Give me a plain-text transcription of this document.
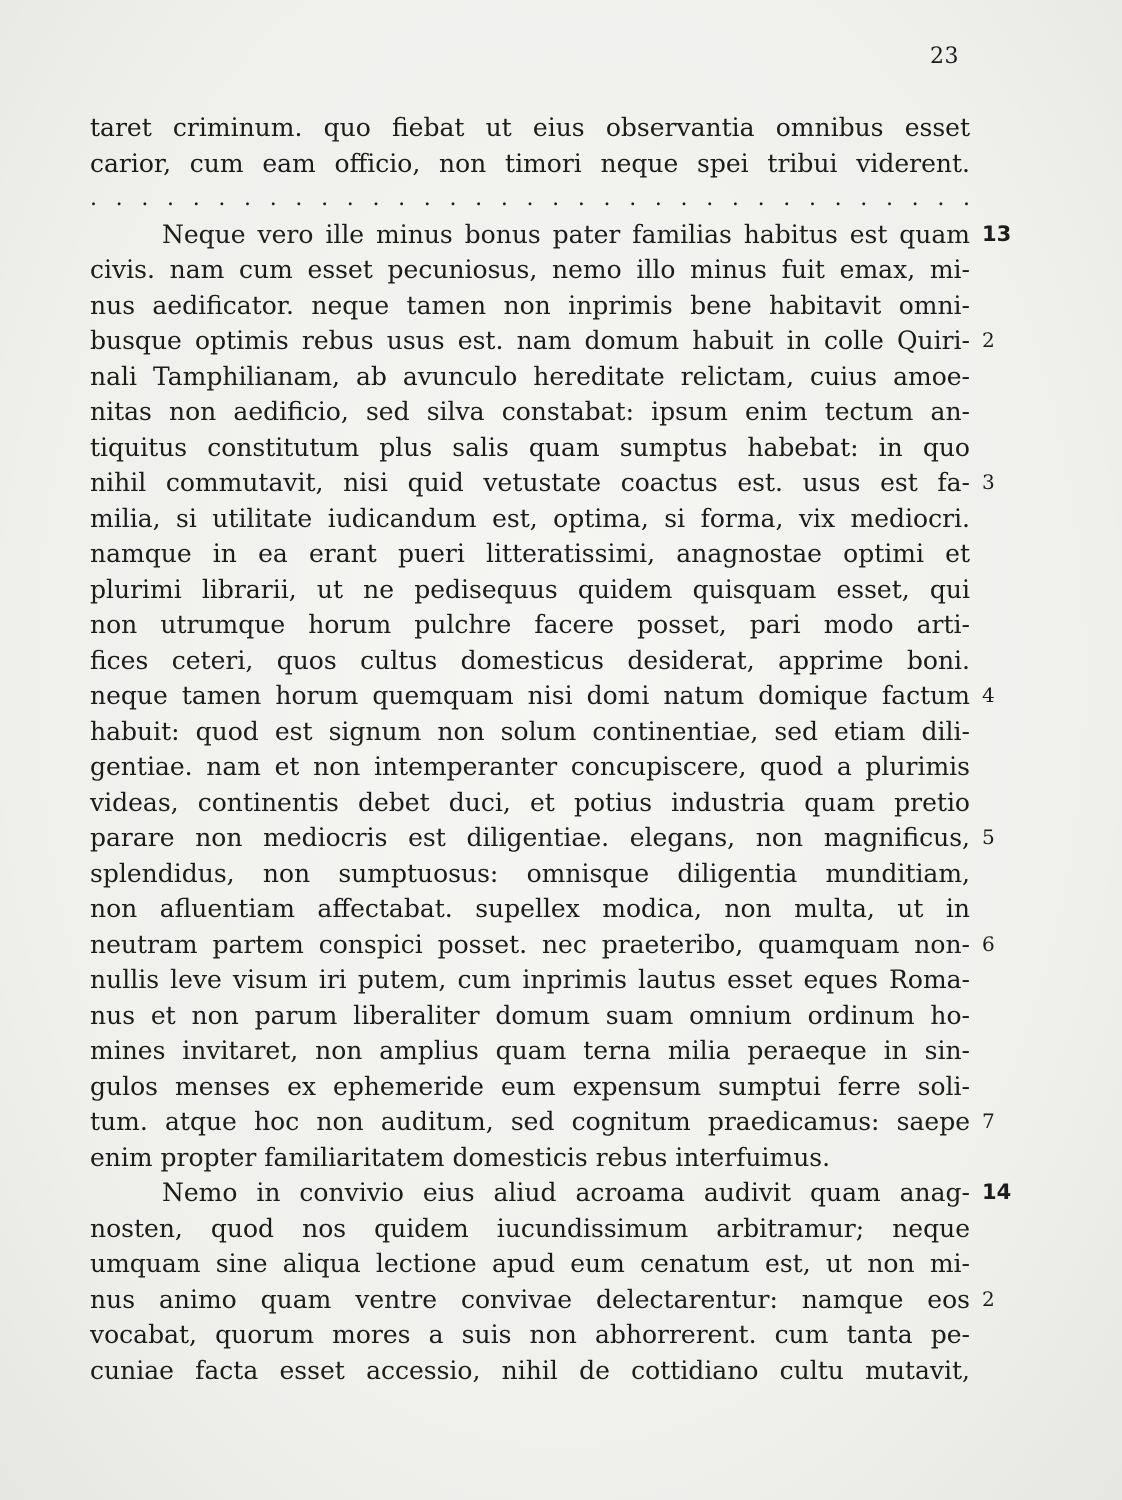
23
taret criminum. quo fiebat ut eius observantia omnibus esset
carior, cum eam officio, non timori neque spei tribui viderent.
. . . . . . . . . . . . . . . . . . . . . . . . . . . . . . . . . . .
Neque vero ille minus bonus pater familias habitus est quam 13
civis. nam cum esset pecuniosus, nemo illo minus fuit emax, mi-
nus aedificator. neque tamen non inprimis bene habitavit omni-
busque optimis rebus usus est. nam domum habuit in colle Quiri- 2
nali Tamphilianam, ab avunculo hereditate relictam, cuius amoe-
nitas non aedificio, sed silva constabat: ipsum enim tectum an-
tiquitus constitutum plus salis quam sumptus habebat: in quo
nihil commutavit, nisi quid vetustate coactus est. usus est fa- 3
milia, si utilitate iudicandum est, optima, si forma, vix mediocri.
namque in ea erant pueri litteratissimi, anagnostae optimi et
plurimi librarii, ut ne pedisequus quidem quisquam esset, qui
non utrumque horum pulchre facere posset, pari modo arti-
fices ceteri, quos cultus domesticus desiderat, apprime boni.
neque tamen horum quemquam nisi domi natum domique factum 4
habuit: quod est signum non solum continentiae, sed etiam dili-
gentiae. nam et non intemperanter concupiscere, quod a plurimis
videas, continentis debet duci, et potius industria quam pretio
parare non mediocris est diligentiae. elegans, non magnificus, 5
splendidus, non sumptuosus: omnisque diligentia munditiam,
non afluentiam affectabat. supellex modica, non multa, ut in
neutram partem conspici posset. nec praeteribo, quamquam non- 6
nullis leve visum iri putem, cum inprimis lautus esset eques Roma-
nus et non parum liberaliter domum suam omnium ordinum ho-
mines invitaret, non amplius quam terna milia peraeque in sin-
gulos menses ex ephemeride eum expensum sumptui ferre soli-
tum. atque hoc non auditum, sed cognitum praedicamus: saepe 7
enim propter familiaritatem domesticis rebus interfuimus.
Nemo in convivio eius aliud acroama audivit quam anag- 14
nosten, quod nos quidem iucundissimum arbitramur; neque
umquam sine aliqua lectione apud eum cenatum est, ut non mi-
nus animo quam ventre convivae delectarentur: namque eos 2
vocabat, quorum mores a suis non abhorrerent. cum tanta pe-
cuniae facta esset accessio, nihil de cottidiano cultu mutavit,
